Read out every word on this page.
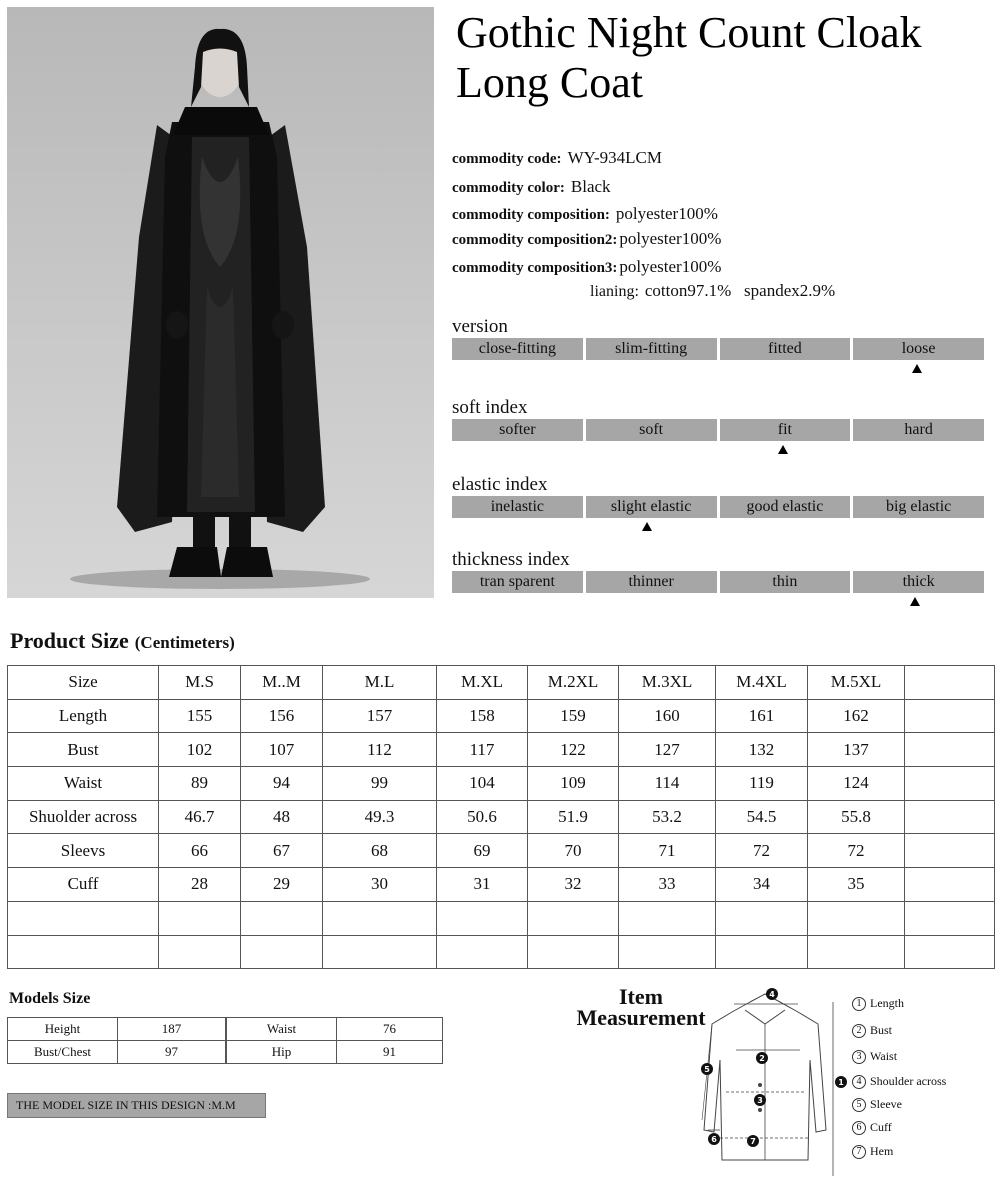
Gothic Night Count Cloak Long Coat
commodity code: WY-934LCM
commodity color: Black
commodity composition: polyester100%
commodity composition2: polyester100%
commodity composition3: polyester100%
lianing: cotton97.1%   spandex2.9%
version
close-fitting	slim-fitting	fitted	loose
soft index
softer	soft	fit	hard
elastic index
inelastic	slight elastic	good elastic	big elastic
thickness index
tran sparent	thinner	thin	thick
Product Size (Centimeters)
Size	M.S	M..M	M.L	M.XL	M.2XL	M.3XL	M.4XL	M.5XL	
Length	155	156	157	158	159	160	161	162	
Bust	102	107	112	117	122	127	132	137	
Waist	89	94	99	104	109	114	119	124	
Shuolder across	46.7	48	49.3	50.6	51.9	53.2	54.5	55.8	
Sleevs	66	67	68	69	70	71	72	72	
Cuff	28	29	30	31	32	33	34	35	

Models Size
Height	187
Bust/Chest	97
Waist	76
Hip	91
THE MODEL SIZE IN THIS DESIGN :M.M
Item
Measurement
1
2
3
4
5
6	7
1 Length
2 Bust
3 Waist
4 Shoulder across
5 Sleeve
6 Cuff
7 Hem
